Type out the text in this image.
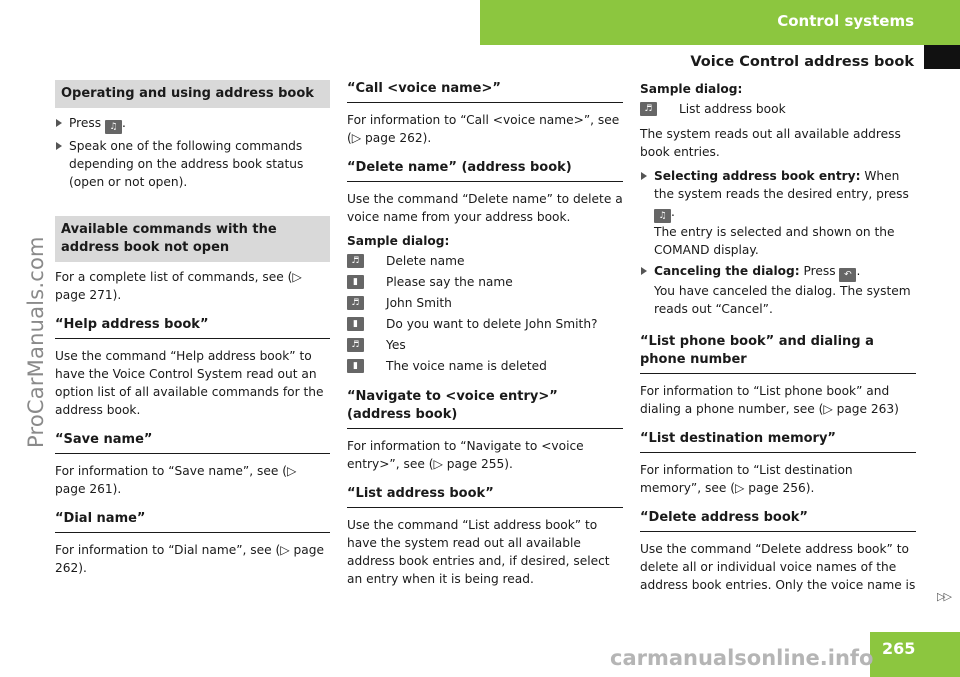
Control systems
Voice Control address book
ProCarManuals.com
Operating and using address book
Press ♫ .
Speak one of the following commands depending on the address book status (open or not open).
Available commands with the address book not open

For a complete list of commands, see (▷ page 271).

“Help address book”

Use the command “Help address book” to have the Voice Control System read out an option list of all available commands for the address book.

“Save name”

For information to “Save name”, see (▷ page 261).

“Dial name”

For information to “Dial name”, see (▷ page 262).

“Call <voice name>”

For information to “Call <voice name>”, see (▷ page 262).

“Delete name” (address book)

Use the command “Delete name” to delete a voice name from your address book.

Sample dialog:

♬	Delete name
▮	Please say the name
♬	John Smith
▮	Do you want to delete John Smith?
♬	Yes
▮	The voice name is deleted
“Navigate to <voice entry>” (address book)

For information to “Navigate to <voice entry>”, see (▷ page 255).

“List address book”

Use the command “List address book” to have the system read out all available address book entries and, if desired, select an entry when it is being read.

Sample dialog:

♬	List address book

The system reads out all available address book entries.

Selecting address book entry: When the system reads the desired entry, press ♫ .
The entry is selected and shown on the COMAND display.
Canceling the dialog: Press ↶ .
You have canceled the dialog. The system reads out “Cancel”.
“List phone book” and dialing a phone number

For information to “List phone book” and dialing a phone number, see (▷ page 263)

“List destination memory”

For information to “List destination memory”, see (▷ page 256).

“Delete address book”

Use the command “Delete address book” to delete all or individual voice names of the address book entries. Only the voice name is

▷▷
265
carmanualsonline.info
